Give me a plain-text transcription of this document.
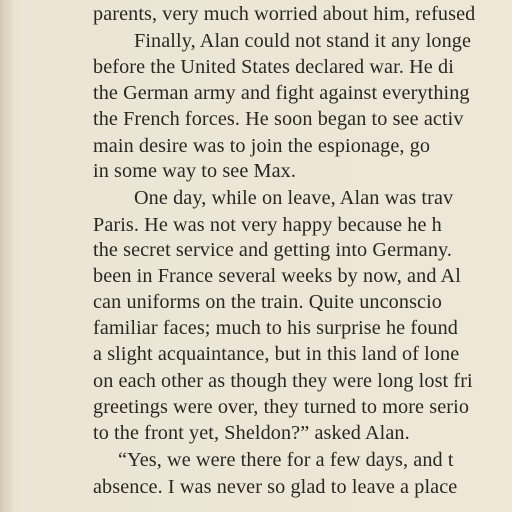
parents, very much worried about him, refused
Finally, Alan could not stand it any longe
before the United States declared war. He di
the German army and fight against everything
the French forces. He soon began to see activ
main desire was to join the espionage, go
in some way to see Max.
One day, while on leave, Alan was trav
Paris. He was not very happy because he h
the secret service and getting into Germany.
been in France several weeks by now, and Al
can uniforms on the train. Quite unconscio
familiar faces; much to his surprise he found
a slight acquaintance, but in this land of lone
on each other as though they were long lost fri
greetings were over, they turned to more serio
to the front yet, Sheldon?” asked Alan.
“Yes, we were there for a few days, and t
absence. I was never so glad to leave a place
